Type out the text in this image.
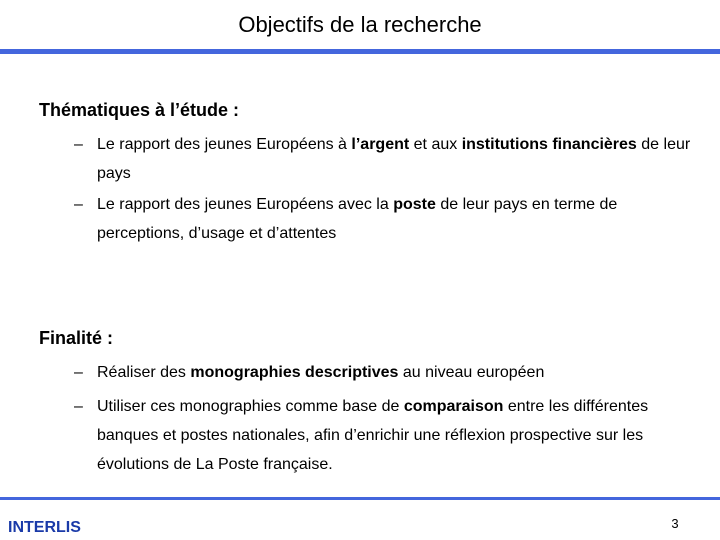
Objectifs de la recherche
Thématiques à l’étude :
– Le rapport des jeunes Européens à l’argent et aux institutions financières de leur pays
– Le rapport des jeunes Européens avec la poste de leur pays en terme de perceptions, d’usage et d’attentes
Finalité :
– Réaliser des monographies descriptives au niveau européen
– Utiliser ces monographies comme base de comparaison entre les différentes banques et postes nationales, afin d’enrichir une réflexion prospective sur les évolutions de La Poste française.
INTERLIS	3
